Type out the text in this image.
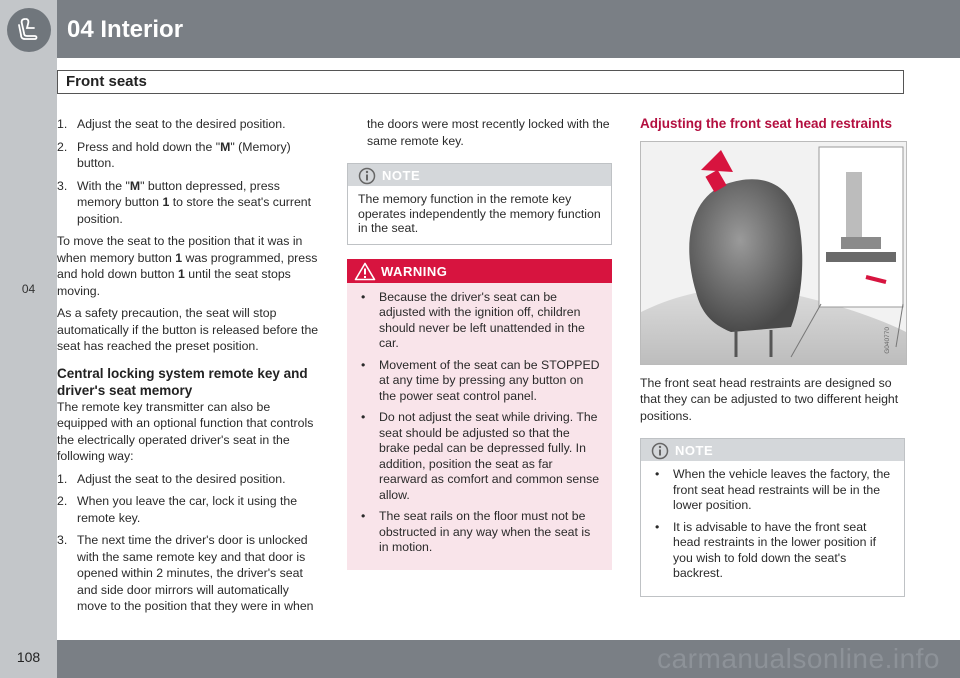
04
108
04 Interior
Front seats
carmanualsonline.info
1. Adjust the seat to the desired position.
2. Press and hold down the "M" (Memory) button.
3. With the "M" button depressed, press memory button 1 to store the seat's current position.

To move the seat to the position that it was in when memory button 1 was programmed, press and hold down button 1 until the seat stops moving.

As a safety precaution, the seat will stop automatically if the button is released before the seat has reached the preset position.

Central locking system remote key and driver's seat memory

The remote key transmitter can also be equipped with an optional function that controls the electrically operated driver's seat in the following way:

1. Adjust the seat to the desired position.
2. When you leave the car, lock it using the remote key.
3. The next time the driver's door is unlocked with the same remote key and that door is opened within 2 minutes, the driver's seat and side door mirrors will automatically move to the position that they were in when

the doors were most recently locked with the same remote key.

NOTE
The memory function in the remote key operates independently the memory function in the seat.
WARNING
• Because the driver's seat can be adjusted with the ignition off, children should never be left unattended in the car.
• Movement of the seat can be STOPPED at any time by pressing any button on the power seat control panel.
• Do not adjust the seat while driving. The seat should be adjusted so that the brake pedal can be depressed fully. In addition, position the seat as far rearward as comfort and common sense allow.
• The seat rails on the floor must not be obstructed in any way when the seat is in motion.
Adjusting the front seat head restraints
G040770

The front seat head restraints are designed so that they can be adjusted to two different height positions.

NOTE
• When the vehicle leaves the factory, the front seat head restraints will be in the lower position.
• It is advisable to have the front seat head restraints in the lower position if you wish to fold down the seat's backrest.
